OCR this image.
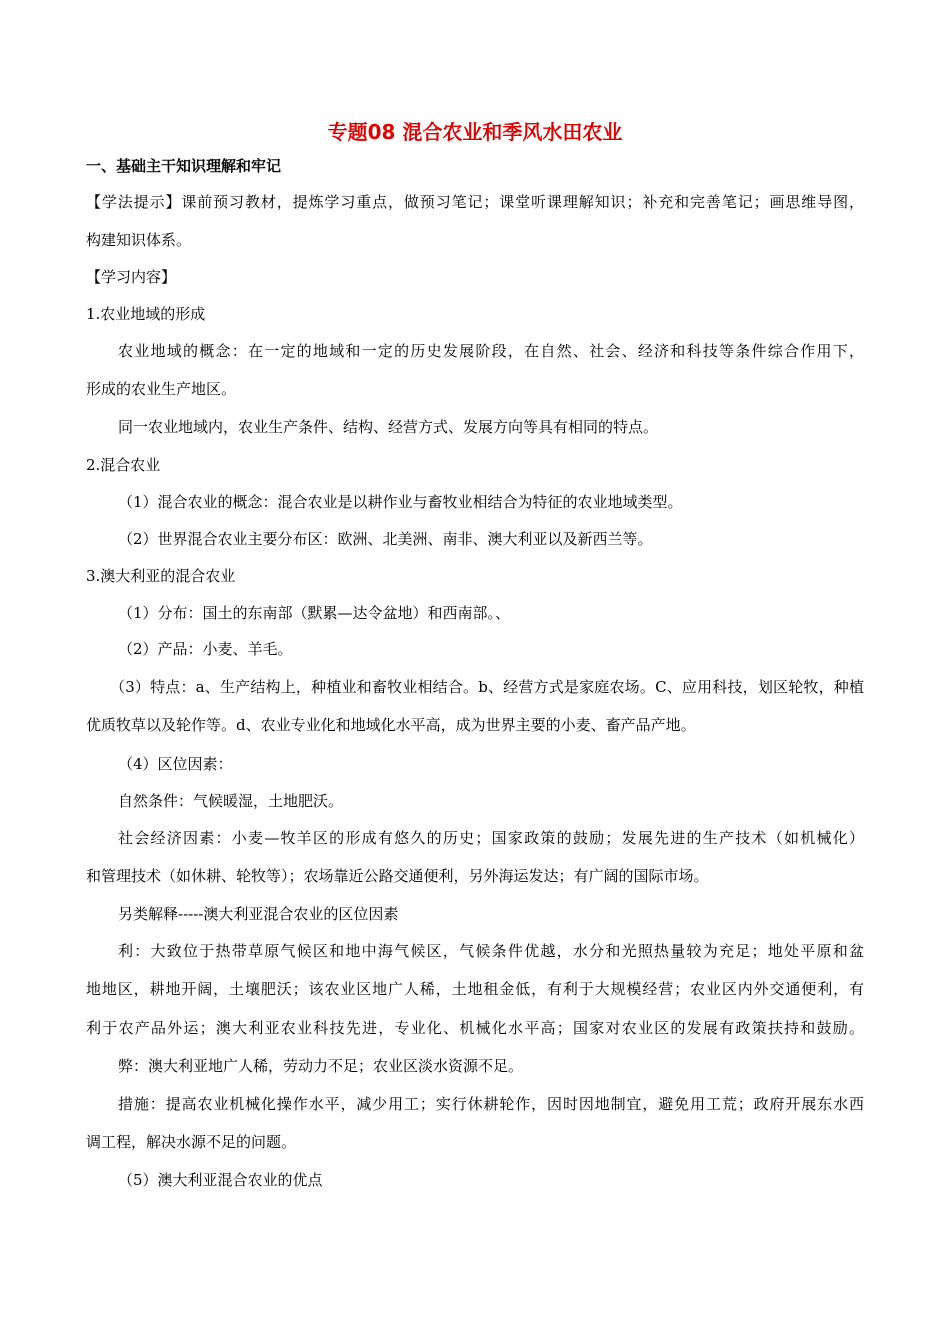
专题08 混合农业和季风水田农业
一、基础主干知识理解和牢记
【学法提示】课前预习教材，提炼学习重点，做预习笔记；课堂听课理解知识；补充和完善笔记；画思维导图，
构建知识体系。
【学习内容】
1.农业地域的形成
农业地域的概念：在一定的地域和一定的历史发展阶段，在自然、社会、经济和科技等条件综合作用下，
形成的农业生产地区。
同一农业地域内，农业生产条件、结构、经营方式、发展方向等具有相同的特点。
2.混合农业
（1）混合农业的概念：混合农业是以耕作业与畜牧业相结合为特征的农业地域类型。
（2）世界混合农业主要分布区：欧洲、北美洲、南非、澳大利亚以及新西兰等。
3.澳大利亚的混合农业
（1）分布：国土的东南部（默累—达令盆地）和西南部。、
（2）产品：小麦、羊毛。
（3）特点：a、生产结构上，种植业和畜牧业相结合。b、经营方式是家庭农场。C、应用科技，划区轮牧，种植
优质牧草以及轮作等。d、农业专业化和地域化水平高，成为世界主要的小麦、畜产品产地。
（4）区位因素：
自然条件：气候暖湿，土地肥沃。
社会经济因素：小麦—牧羊区的形成有悠久的历史；国家政策的鼓励；发展先进的生产技术（如机械化）
和管理技术（如休耕、轮牧等）；农场靠近公路交通便利，另外海运发达；有广阔的国际市场。
另类解释-----澳大利亚混合农业的区位因素
利：大致位于热带草原气候区和地中海气候区，气候条件优越，水分和光照热量较为充足；地处平原和盆
地地区，耕地开阔，土壤肥沃；该农业区地广人稀，土地租金低，有利于大规模经营；农业区内外交通便利，有
利于农产品外运；澳大利亚农业科技先进，专业化、机械化水平高；国家对农业区的发展有政策扶持和鼓励。
弊：澳大利亚地广人稀，劳动力不足；农业区淡水资源不足。
措施：提高农业机械化操作水平，减少用工；实行休耕轮作，因时因地制宜，避免用工荒；政府开展东水西
调工程，解决水源不足的问题。
（5）澳大利亚混合农业的优点
